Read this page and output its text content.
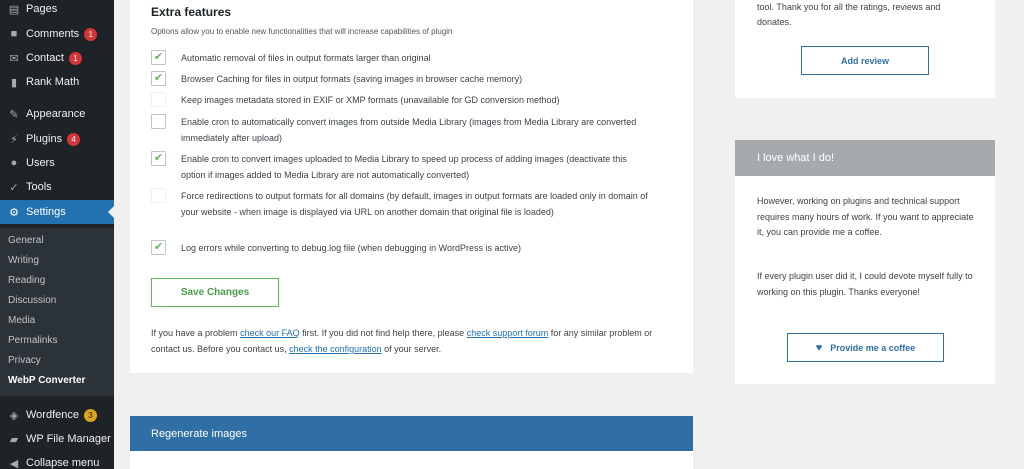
▤ Pages
■ Comments	1
✉ Contact	1
▮ Rank Math
✎ Appearance
⚡ Plugins	4
● Users
✓ Tools
⚙ Settings
General
Writing
Reading
Discussion
Media
Permalinks
Privacy
WebP Converter
◈ Wordfence	3
▰ WP File Manager
◀ Collapse menu
Extra features
Options allow you to enable new functionalities that will increase capabilities of plugin
✔	Automatic removal of files in output formats larger than original
✔	Browser Caching for files in output formats (saving images in browser cache memory)
Keep images metadata stored in EXIF or XMP formats (unavailable for GD conversion method)
Enable cron to automatically convert images from outside Media Library (images from Media Library are converted immediately after upload)
✔	Enable cron to convert images uploaded to Media Library to speed up process of adding images (deactivate this option if images added to Media Library are not automatically converted)
Force redirections to output formats for all domains (by default, images in output formats are loaded only in domain of your website - when image is displayed via URL on another domain that original file is loaded)
✔	Log errors while converting to debug.log file (when debugging in WordPress is active)
Save Changes
If you have a problem check our FAQ first. If you did not find help there, please check support forum for any similar problem or contact us. Before you contact us, check the configuration of your server.
Regenerate images
tool. Thank you for all the ratings, reviews and donates.
Add review
I love what I do!
However, working on plugins and technical support requires many hours of work. If you want to appreciate it, you can provide me a coffee.
If every plugin user did it, I could devote myself fully to working on this plugin. Thanks everyone!
♥ Provide me a coffee
